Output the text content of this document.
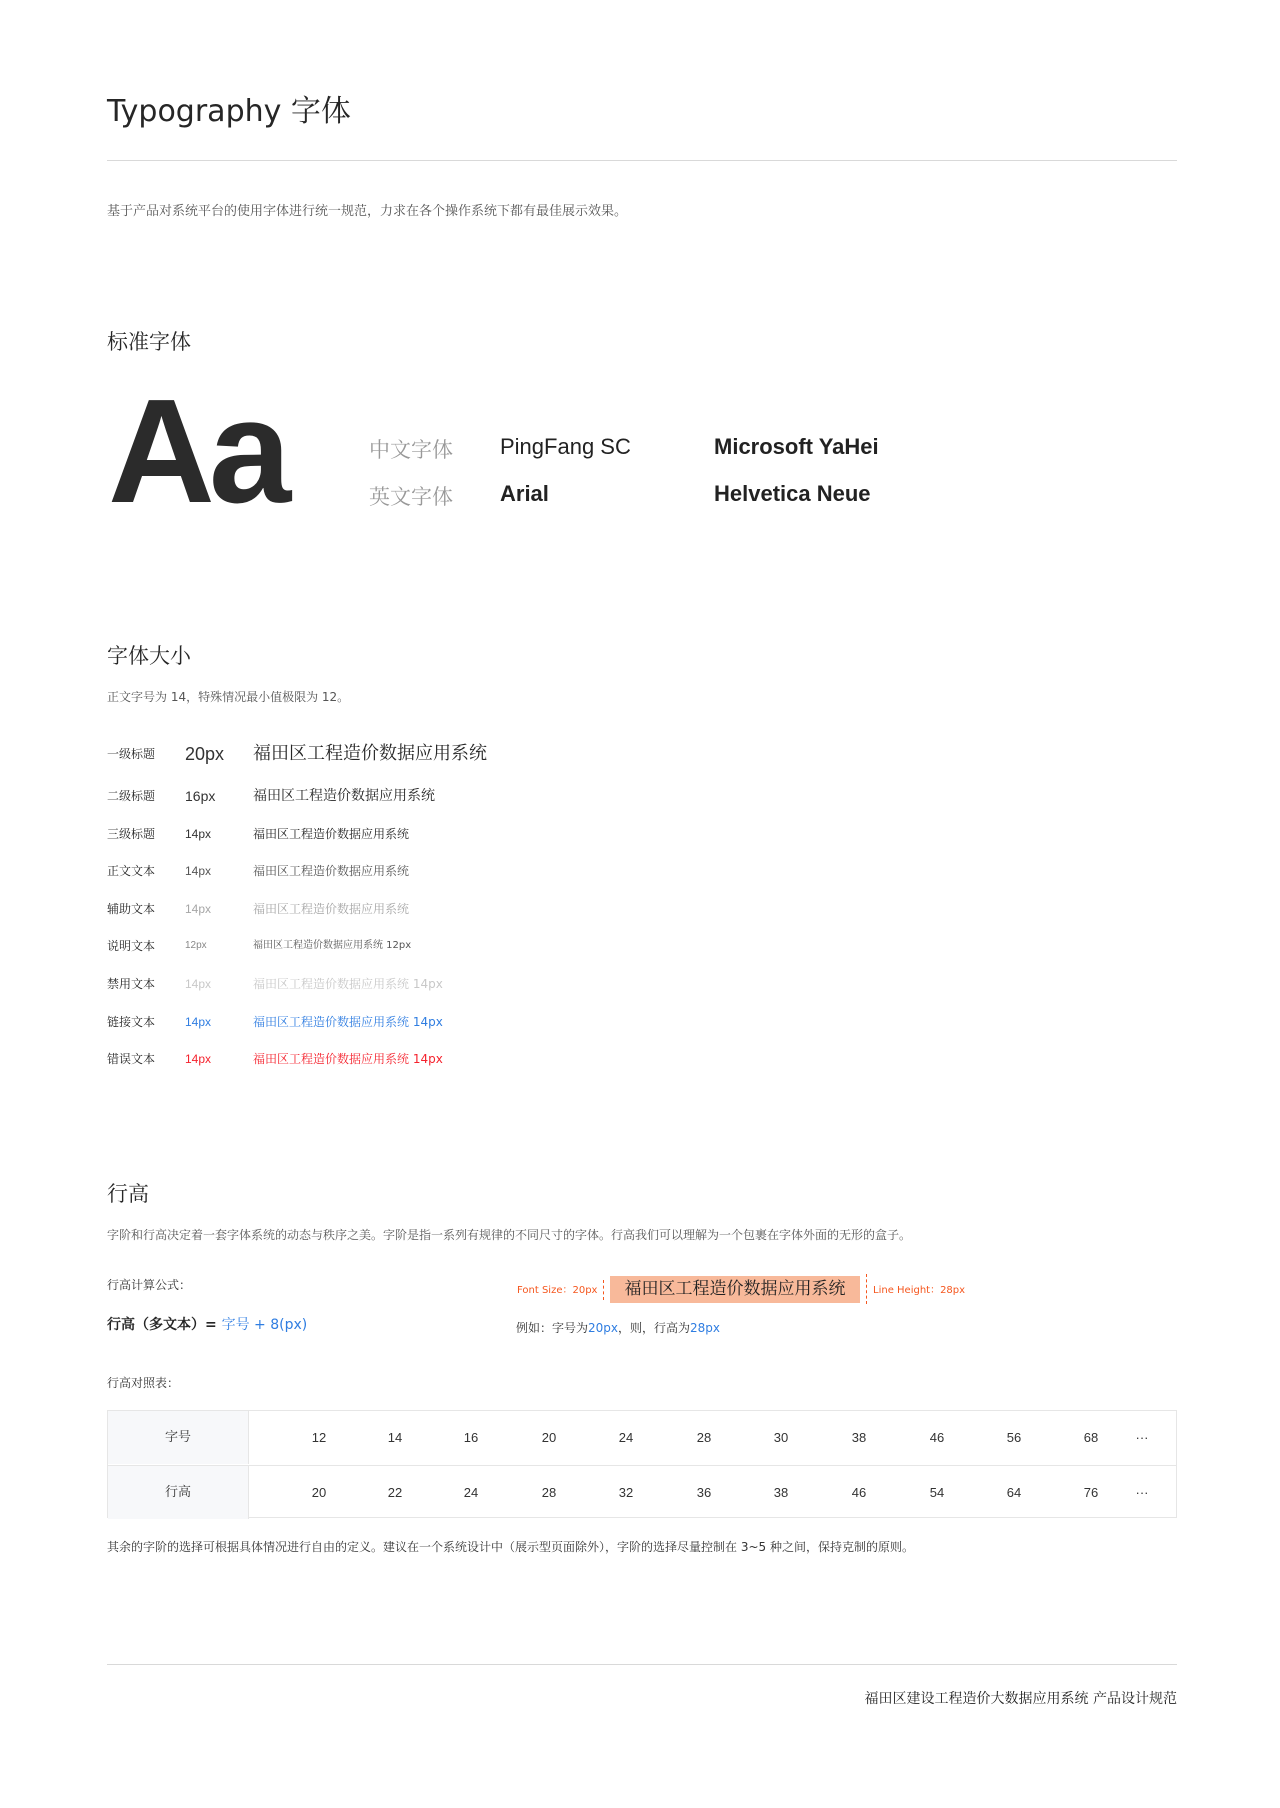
Typography 字体
基于产品对系统平台的使用字体进行统一规范，力求在各个操作系统下都有最佳展示效果。
标准字体
Aa	中文字体 PingFang SC	Microsoft YaHei
英文字体 Arial	Helvetica Neue
字体大小
正文字号为 14，特殊情况最小值极限为 12。
一级标题 20px 福田区工程造价数据应用系统
二级标题 16px	福田区工程造价数据应用系统
三级标题 14px	福田区工程造价数据应用系统
正文文本 14px	福田区工程造价数据应用系统
辅助文本 14px	福田区工程造价数据应用系统
说明文本	12px	福田区工程造价数据应用系统 12px
禁用文本 14px	福田区工程造价数据应用系统 14px
链接文本 14px	福田区工程造价数据应用系统 14px
错误文本 14px	福田区工程造价数据应用系统 14px
行高
字阶和行高决定着一套字体系统的动态与秩序之美。字阶是指一系列有规律的不同尺寸的字体。行高我们可以理解为一个包裹在字体外面的无形的盒子。
行高计算公式：
行高（多文本）= 字号 + 8(px)
Font Size：20px	福田区工程造价数据应用系统	Line Height：28px
例如：字号为20px，则，行高为28px
行高对照表：
字号	12	14	16	20	24	28	30	38	46	56	68	···
行高	20	22	24	28	32	36	38	46	54	64	76	···
其余的字阶的选择可根据具体情况进行自由的定义。建议在一个系统设计中（展示型页面除外），字阶的选择尽量控制在 3~5 种之间，保持克制的原则。
福田区建设工程造价大数据应用系统 产品设计规范
